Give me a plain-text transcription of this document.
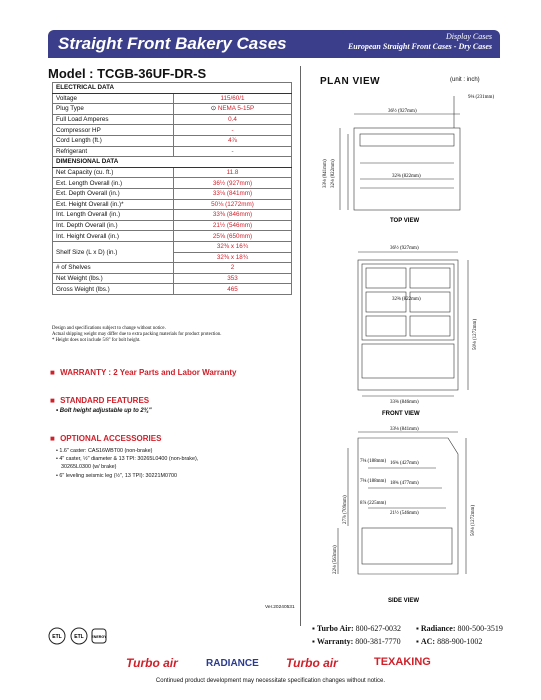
Straight Front Bakery Cases	Display Cases
European Straight Front Cases - Dry Cases
Model : TCGB-36UF-DR-S
PLAN VIEW	(unit : inch)
ELECTRICAL DATA	
Voltage	115/60/1
Plug Type	⊙ NEMA 5-15P
Full Load Amperes	0.4
Compressor HP	-
Cord Length (ft.)	4⅞
Refrigerant	-
DIMENSIONAL DATA	
Net Capacity (cu. ft.)	11.8
Ext. Length Overall (in.)	36½ (927mm)
Ext. Depth Overall (in.)	33⅛ (841mm)
Ext. Height Overall (in.)*	50⅛ (1272mm)
Int. Length Overall (in.)	33⅜ (846mm)
Int. Depth Overall (in.)	21½ (546mm)
Int. Height Overall (in.)	25⅝ (650mm)
Shelf Size (L x D) (in.)	32⅜ x 16¾
	32⅜ x 18¾
# of Shelves	2
Net Weight (lbs.)	353
Gross Weight (lbs.)	465
Design and specifications subject to change without notice.
Actual shipping weight may differ due to extra packing materials for product protection.
* Height does not include 5/8" for bolt height.
■ WARRANTY : 2 Year Parts and Labor Warranty
■ STANDARD FEATURES
• Bolt height adjustable up to 2¾"
■ OPTIONAL ACCESSORIES
• 1.6" caster: CAS16WBT00 (non-brake)
• 4" caster, ½" diameter & 13 TPI: 30265L0400 (non-brake),
30265L0300 (w/ brake)
• 6" leveling seismic leg (½", 13 TPI): 30221M0700
Ver.20240531
ETL	ETL ENERGY
▪ Turbo Air: 800-627-0032	▪ Radiance: 800-500-3519
▪ Warranty: 800-381-7770	▪ AC: 888-900-1002
Turbo air	RADIANCE Turbo air	TEXAKING
Continued product development may necessitate specification changes without notice.
9⅛ (231mm)
36½ (927mm)
33⅛ (841mm) 32⅛ (822mm)	32⅜ (822mm)
TOP VIEW
36½ (927mm)
32⅜ (822mm)
50⅛ (1272mm)
33⅜ (846mm)
FRONT VIEW
33⅛ (841mm)
7⅜ (188mm) 16¾ (427mm)
7⅜ (188mm) 18¾ (477mm)
8⅞ (225mm)
21½ (546mm)
27⅞ (709mm)	50⅛ (1272mm)
22⅛ (563mm)
SIDE VIEW
